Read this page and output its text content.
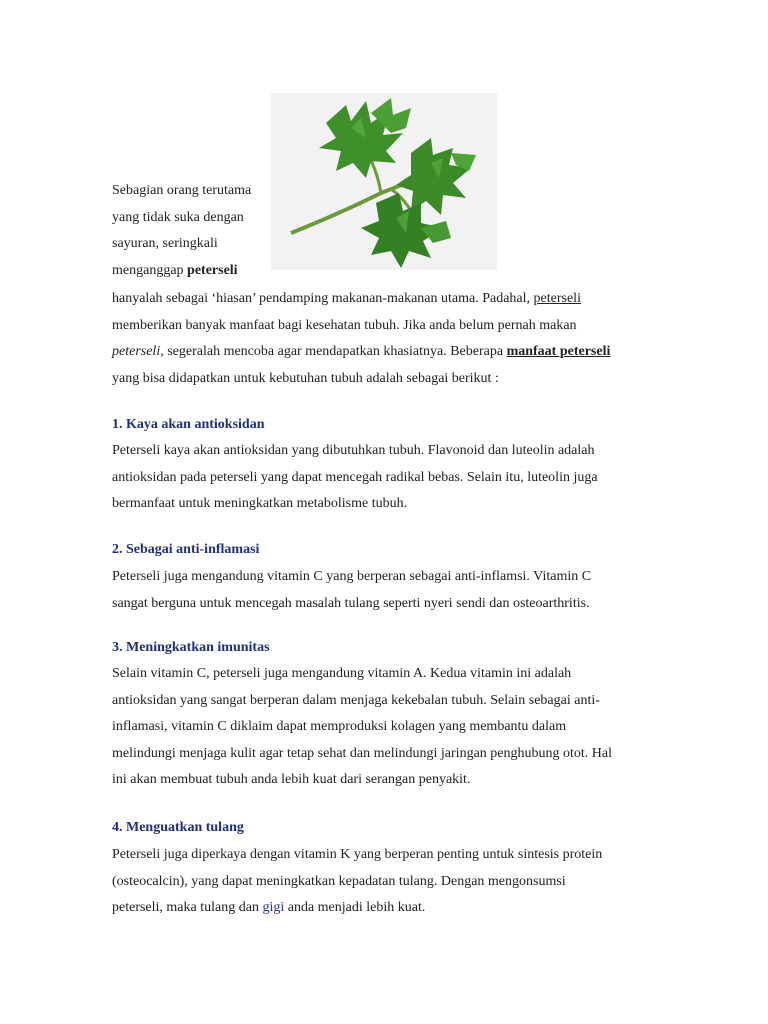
Sebagian orang terutama
yang tidak suka dengan
sayuran, seringkali
menganggap peterseli
hanyalah sebagai ‘hiasan’ pendamping makanan-makanan utama. Padahal, peterseli
memberikan banyak manfaat bagi kesehatan tubuh. Jika anda belum pernah makan
peterseli, segeralah mencoba agar mendapatkan khasiatnya. Beberapa manfaat peterseli
yang bisa didapatkan untuk kebutuhan tubuh adalah sebagai berikut :
1. Kaya akan antioksidan
Peterseli kaya akan antioksidan yang dibutuhkan tubuh. Flavonoid dan luteolin adalah
antioksidan pada peterseli yang dapat mencegah radikal bebas. Selain itu, luteolin juga
bermanfaat untuk meningkatkan metabolisme tubuh.
2. Sebagai anti-inflamasi
Peterseli juga mengandung vitamin C yang berperan sebagai anti-inflamsi. Vitamin C
sangat berguna untuk mencegah masalah tulang seperti nyeri sendi dan osteoarthritis.
3. Meningkatkan imunitas
Selain vitamin C, peterseli juga mengandung vitamin A. Kedua vitamin ini adalah
antioksidan yang sangat berperan dalam menjaga kekebalan tubuh. Selain sebagai anti-
inflamasi, vitamin C diklaim dapat memproduksi kolagen yang membantu dalam
melindungi menjaga kulit agar tetap sehat dan melindungi jaringan penghubung otot. Hal
ini akan membuat tubuh anda lebih kuat dari serangan penyakit.
4. Menguatkan tulang
Peterseli juga diperkaya dengan vitamin K yang berperan penting untuk sintesis protein
(osteocalcin), yang dapat meningkatkan kepadatan tulang. Dengan mengonsumsi
peterseli, maka tulang dan gigi anda menjadi lebih kuat.
